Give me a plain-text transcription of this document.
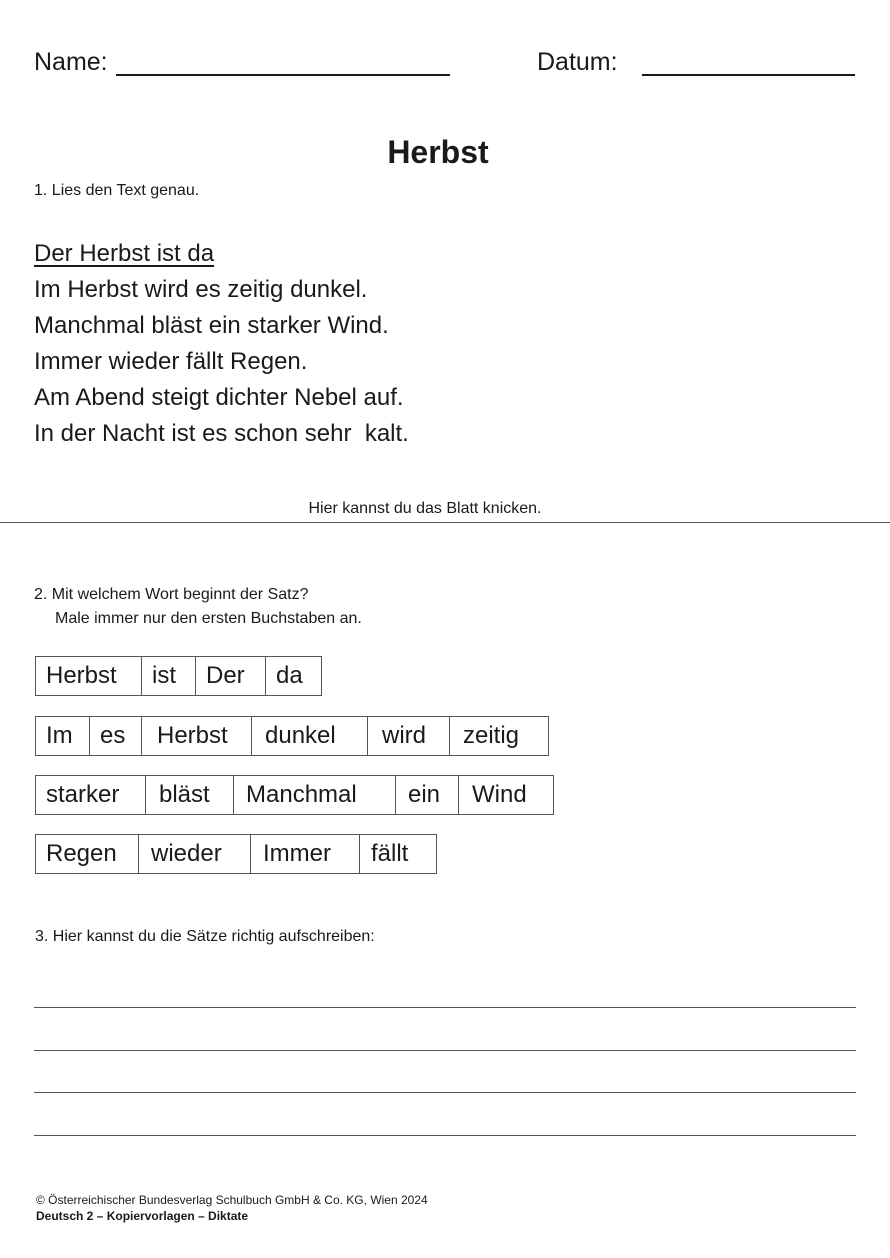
Name:	Datum:
Herbst
1. Lies den Text genau.
Der Herbst ist da
Im Herbst wird es zeitig dunkel.
Manchmal bläst ein starker Wind.
Immer wieder fällt Regen.
Am Abend steigt dichter Nebel auf.
In der Nacht ist es schon sehr  kalt.
Hier kannst du das Blatt knicken.
2. Mit welchem Wort beginnt der Satz?
Male immer nur den ersten Buchstaben an.
Herbst	ist	Der	da
Im	es	Herbst	dunkel	wird	zeitig
starker	bläst	Manchmal	ein	Wind
Regen	wieder	Immer	fällt
3. Hier kannst du die Sätze richtig aufschreiben:
© Österreichischer Bundesverlag Schulbuch GmbH & Co. KG, Wien 2024
Deutsch 2 – Kopiervorlagen – Diktate
